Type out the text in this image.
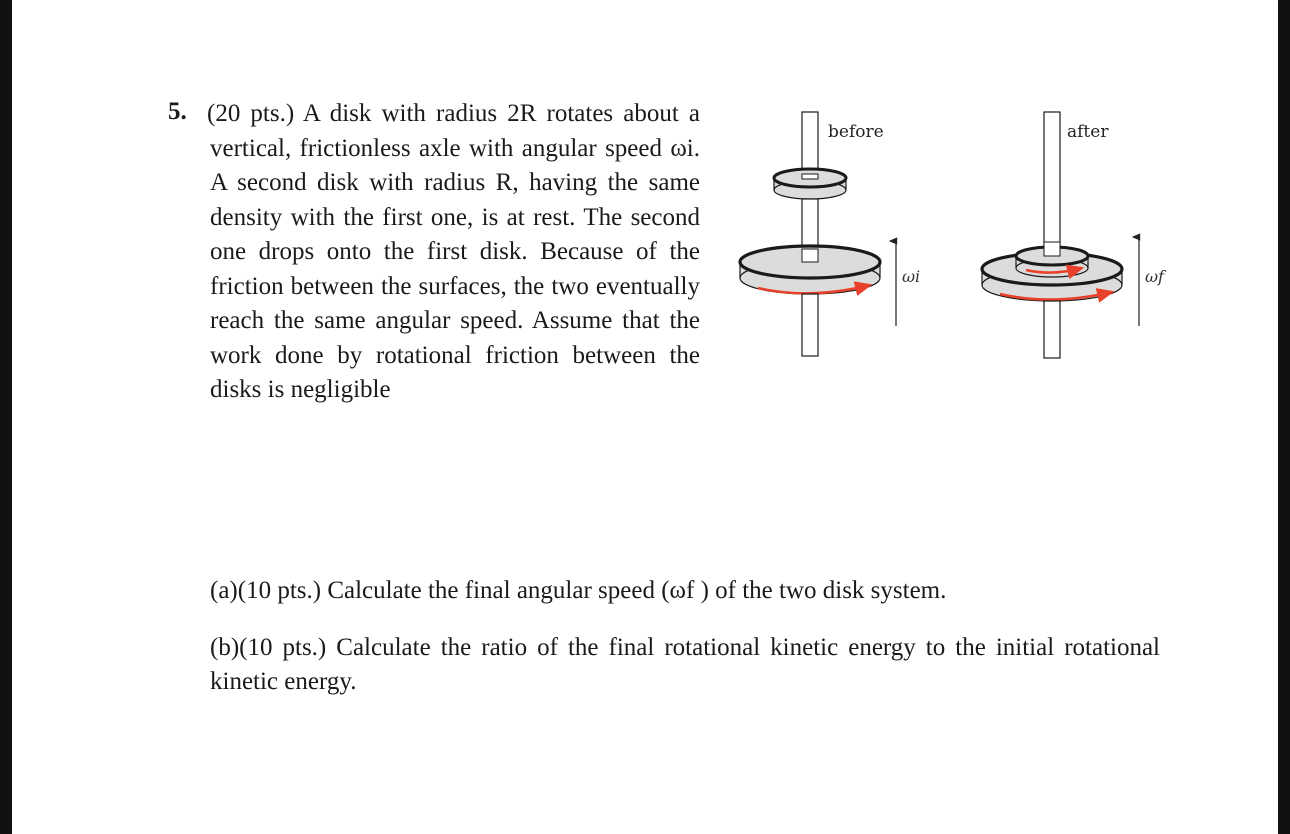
5. (20 pts.) A disk with radius 2R rotates about a vertical, frictionless axle with angular speed ωi. A second disk with radius R, having the same density with the first one, is at rest. The second one drops onto the first disk. Because of the friction between the surfaces, the two eventually reach the same angular speed. Assume that the work done by rotational friction between the disks is negligible

before
ωi
after
ωf
(a)(10 pts.) Calculate the final angular speed (ωf ) of the two disk system.
(b)(10 pts.) Calculate the ratio of the final rotational kinetic energy to the initial rotational kinetic energy.
